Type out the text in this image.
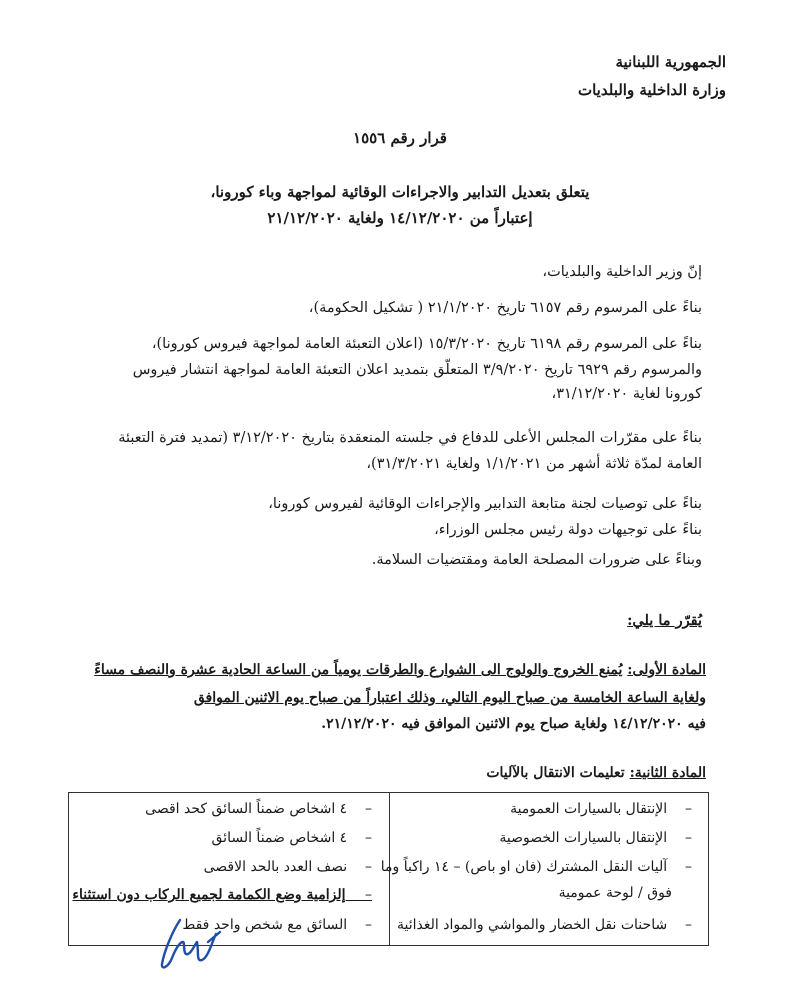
الجمهورية اللبنانية
وزارة الداخلية والبلديات
قرار رقم ١٥٥٦
يتعلق بتعديل التدابير والاجراءات الوقائية لمواجهة وباء كورونا،
إعتباراً من ١٤/١٢/٢٠٢٠ ولغاية ٢١/١٢/٢٠٢٠
إنّ وزير الداخلية والبلديات،
بناءً على المرسوم رقم ٦١٥٧ تاريخ ٢١/١/٢٠٢٠ ( تشكيل الحكومة)،
بناءً على المرسوم رقم ٦١٩٨ تاريخ ١٥/٣/٢٠٢٠ (اعلان التعبئة العامة لمواجهة فيروس كورونا)،
والمرسوم رقم ٦٩٢٩ تاريخ ٣/٩/٢٠٢٠ المتعلّق بتمديد اعلان التعبئة العامة لمواجهة انتشار فيروس
كورونا لغاية ٣١/١٢/٢٠٢٠،
بناءً على مقرّرات المجلس الأعلى للدفاع في جلسته المنعقدة بتاريخ ٣/١٢/٢٠٢٠ (تمديد فترة التعبئة
العامة لمدّة ثلاثة أشهر من ١/١/٢٠٢١ ولغاية ٣١/٣/٢٠٢١)،
بناءً على توصيات لجنة متابعة التدابير والإجراءات الوقائية لفيروس كورونا،
بناءً على توجيهات دولة رئيس مجلس الوزراء،
وبناءً على ضرورات المصلحة العامة ومقتضيات السلامة.
يُقرّر ما يلي:
المادة الأولى: يُمنع الخروج والولوج الى الشوارع والطرقات يومياً من الساعة الحادية عشرة والنصف مساءً
ولغاية الساعة الخامسة من صباح اليوم التالي، وذلك اعتباراً من صباح يوم الاثنين الموافق
فيه ١٤/١٢/٢٠٢٠ ولغاية صباح يوم الاثنين الموافق فيه ٢١/١٢/٢٠٢٠.
المادة الثانية: تعليمات الانتقال بالآليات
–    الإنتقال بالسيارات العمومية
–    ٤ اشخاص ضمناً السائق كحد اقصى
–    الإنتقال بالسيارات الخصوصية
–    ٤ اشخاص ضمناً السائق
–    آليات النقل المشترك (فان او باص) – ١٤ راكباً وما
–    نصف العدد بالحد الاقصى
فوق / لوحة عمومية
–    إلزامية وضع الكمامة لجميع الركاب دون استثناء
–    شاحنات نقل الخضار والمواشي والمواد الغذائية
–    السائق مع شخص واحد فقط
